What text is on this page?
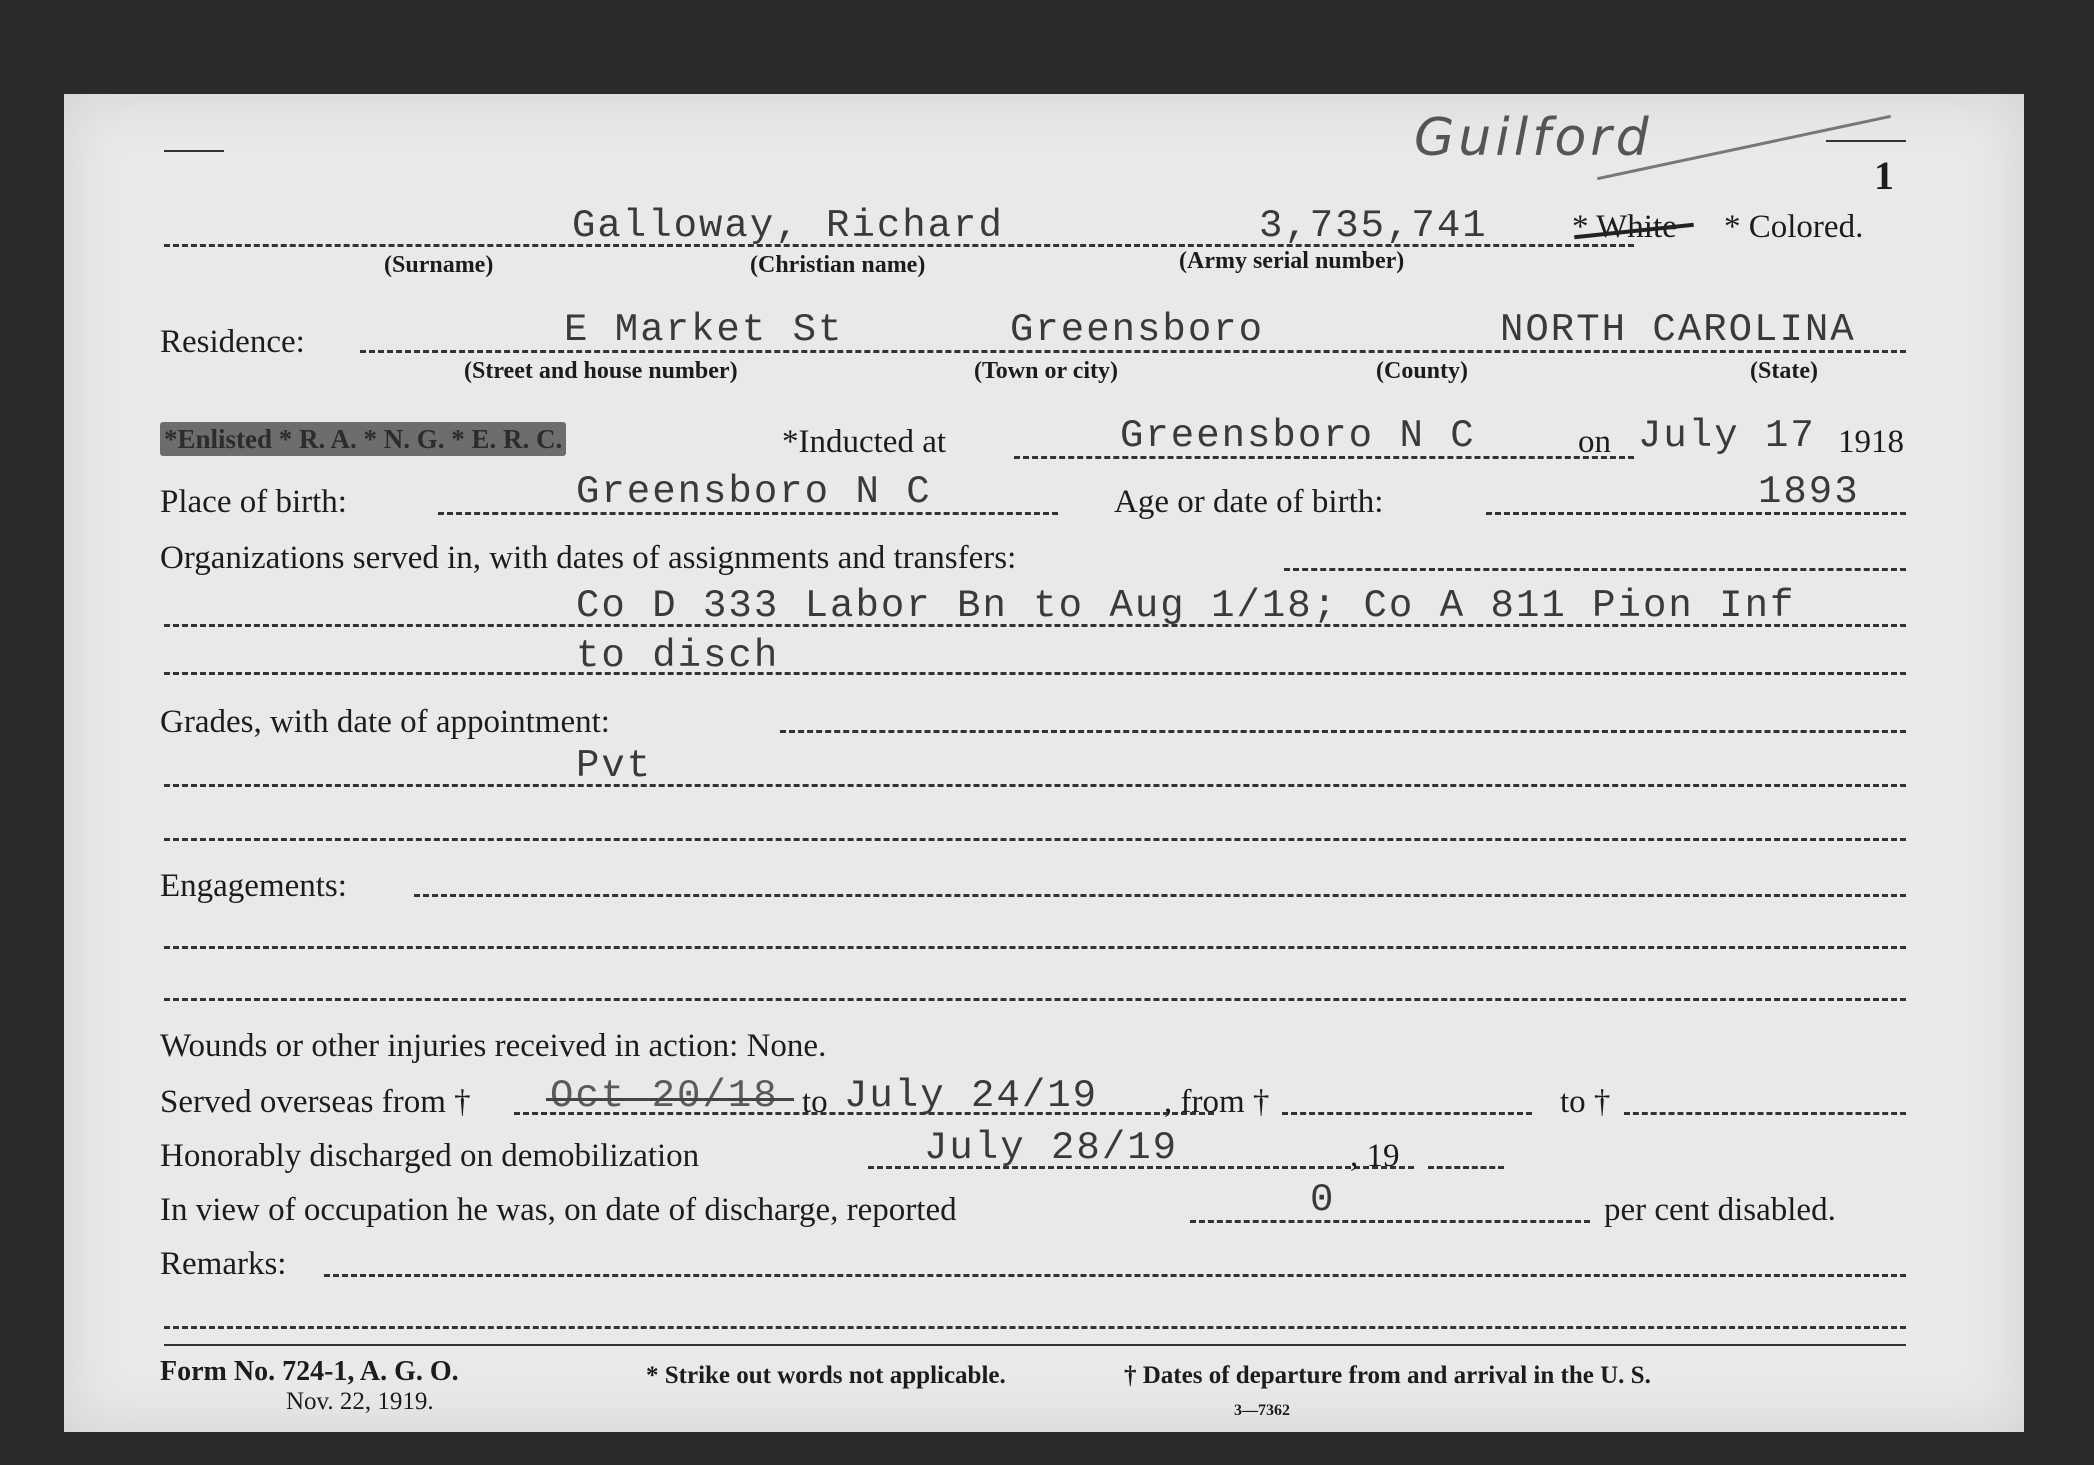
Guilford
1
Galloway, Richard	3,735,741	* White * Colored.
(Surname)	(Christian name)	(Army serial number)
Residence:	E Market St	Greensboro	NORTH CAROLINA
(Street and house number)	(Town or city)	(County)	(State)
*Enlisted * R. A. * N. G. * E. R. C.	*Inducted at	Greensboro N C	on July 17 1918
Place of birth:	Greensboro N C	Age or date of birth:	1893
Organizations served in, with dates of assignments and transfers:
Co D 333 Labor Bn to Aug 1/18; Co A 811 Pion Inf
to disch
Grades, with date of appointment:
Pvt
Engagements:
Wounds or other injuries received in action: None.
Served overseas from † Oct 20/18 to July 24/19 , from †	to †
Honorably discharged on demobilization	July 28/19	, 19
In view of occupation he was, on date of discharge, reported	0	per cent disabled.
Remarks:
Form No. 724-1, A. G. O.
Nov. 22, 1919.
* Strike out words not applicable.	† Dates of departure from and arrival in the U. S.
3—7362
